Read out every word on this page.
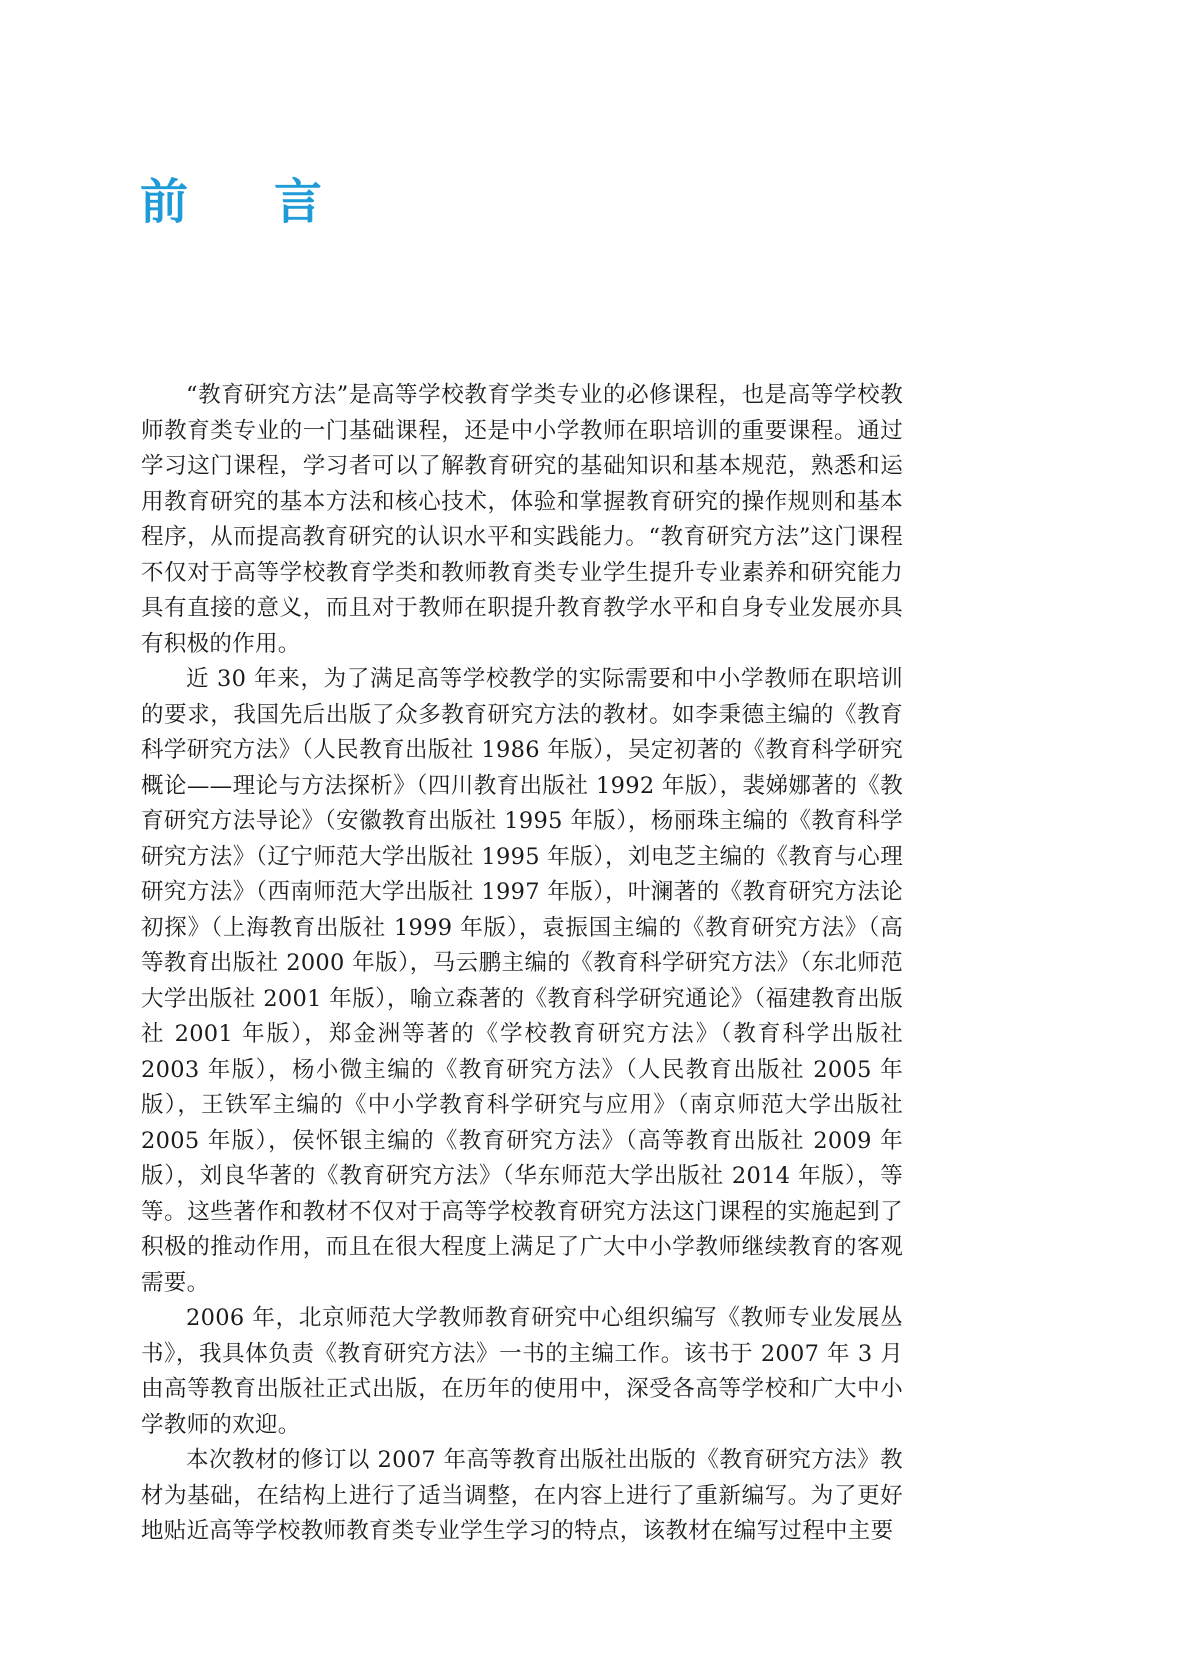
前 言

“教育研究方法”是高等学校教育学类专业的必修课程，也是高等学校教师教育类专业的一门基础课程，还是中小学教师在职培训的重要课程。通过学习这门课程，学习者可以了解教育研究的基础知识和基本规范，熟悉和运用教育研究的基本方法和核心技术，体验和掌握教育研究的操作规则和基本程序，从而提高教育研究的认识水平和实践能力。“教育研究方法”这门课程不仅对于高等学校教育学类和教师教育类专业学生提升专业素养和研究能力具有直接的意义，而且对于教师在职提升教育教学水平和自身专业发展亦具有积极的作用。

近 30 年来，为了满足高等学校教学的实际需要和中小学教师在职培训的要求，我国先后出版了众多教育研究方法的教材。如李秉德主编的《教育科学研究方法》（人民教育出版社 1986 年版），吴定初著的《教育科学研究概论——理论与方法探析》（四川教育出版社 1992 年版），裴娣娜著的《教育研究方法导论》（安徽教育出版社 1995 年版），杨丽珠主编的《教育科学研究方法》（辽宁师范大学出版社 1995 年版），刘电芝主编的《教育与心理研究方法》（西南师范大学出版社 1997 年版），叶澜著的《教育研究方法论初探》（上海教育出版社 1999 年版），袁振国主编的《教育研究方法》（高等教育出版社 2000 年版），马云鹏主编的《教育科学研究方法》（东北师范大学出版社 2001 年版），喻立森著的《教育科学研究通论》（福建教育出版社 2001 年版），郑金洲等著的《学校教育研究方法》（教育科学出版社 2003 年版），杨小微主编的《教育研究方法》（人民教育出版社 2005 年版），王铁军主编的《中小学教育科学研究与应用》（南京师范大学出版社 2005 年版），侯怀银主编的《教育研究方法》（高等教育出版社 2009 年版），刘良华著的《教育研究方法》（华东师范大学出版社 2014 年版），等等。这些著作和教材不仅对于高等学校教育研究方法这门课程的实施起到了积极的推动作用，而且在很大程度上满足了广大中小学教师继续教育的客观需要。

2006 年，北京师范大学教师教育研究中心组织编写《教师专业发展丛书》，我具体负责《教育研究方法》一书的主编工作。该书于 2007 年 3 月由高等教育出版社正式出版，在历年的使用中，深受各高等学校和广大中小学教师的欢迎。

本次教材的修订以 2007 年高等教育出版社出版的《教育研究方法》教材为基础，在结构上进行了适当调整，在内容上进行了重新编写。为了更好地贴近高等学校教师教育类专业学生学习的特点，该教材在编写过程中主要
